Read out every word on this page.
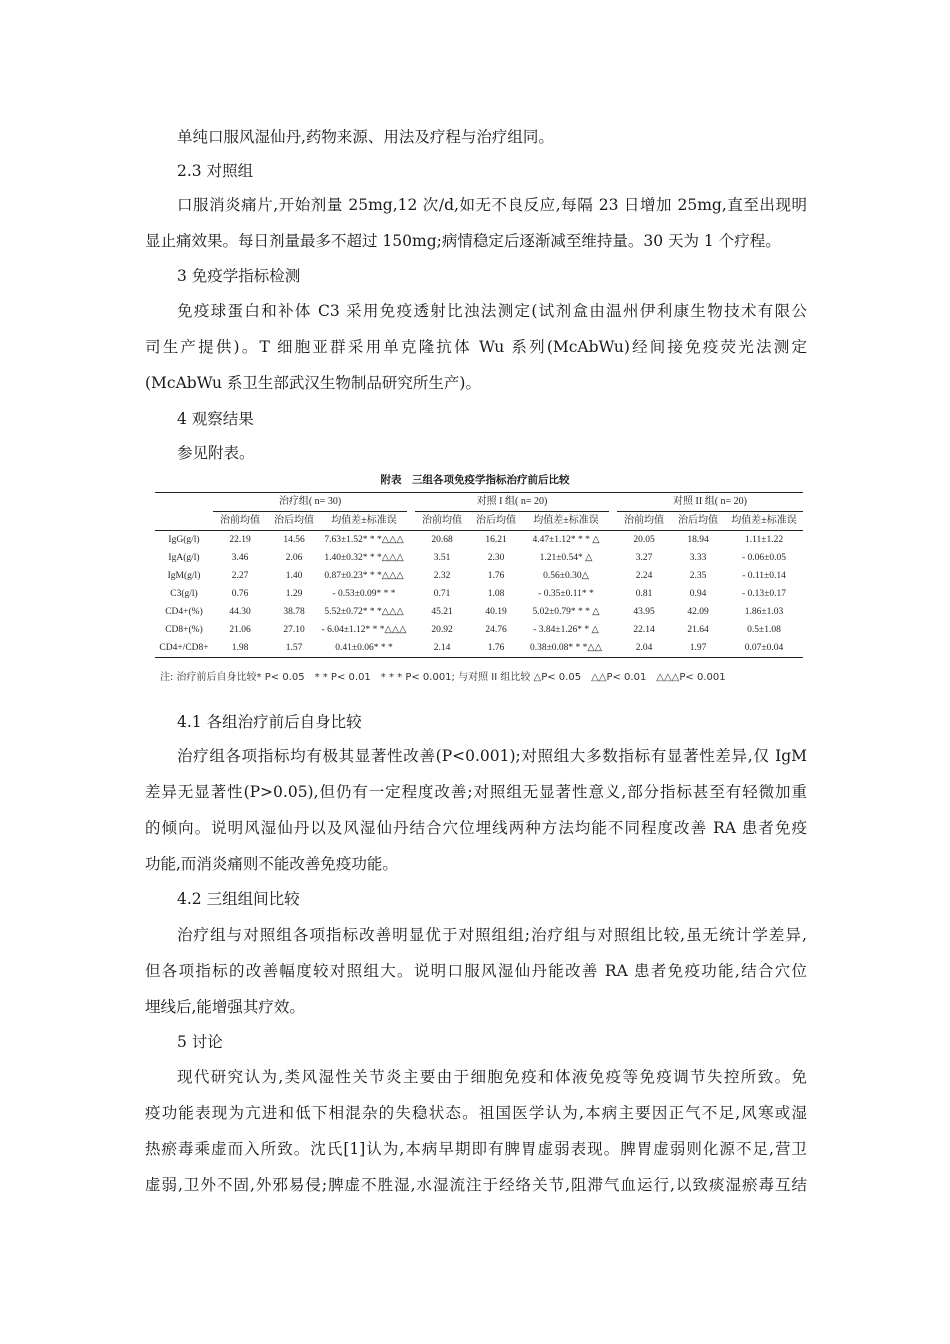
单纯口服风湿仙丹,药物来源、用法及疗程与治疗组同。
2.3 对照组
口服消炎痛片,开始剂量 25mg,12 次/d,如无不良反应,每隔 23 日增加 25mg,直至出现明
显止痛效果。每日剂量最多不超过 150mg;病情稳定后逐渐减至维持量。30 天为 1 个疗程。
3 免疫学指标检测
免疫球蛋白和补体 C3 采用免疫透射比浊法测定(试剂盒由温州伊利康生物技术有限公
司生产提供)。T 细胞亚群采用单克隆抗体 Wu 系列(McAbWu)经间接免疫荧光法测定
(McAbWu 系卫生部武汉生物制品研究所生产)。
4 观察结果
参见附表。
附表　三组各项免疫学指标治疗前后比较
	治疗组( n= 30)				对照 I 组( n= 20)				对照 II 组( n= 20)		
	治前均值	治后均值	均值差±标准误		治前均值	治后均值	均值差±标准误		治前均值	治后均值	均值差±标准误
IgG(g/l)	22.19	14.56	7.63±1.52* * *△△△		20.68	16.21	4.47±1.12* * * △		20.05	18.94	1.11±1.22
IgA(g/l)	3.46	2.06	1.40±0.32* * *△△△		3.51	2.30	1.21±0.54* △		3.27	3.33	- 0.06±0.05
IgM(g/l)	2.27	1.40	0.87±0.23* * *△△△		2.32	1.76	0.56±0.30△		2.24	2.35	- 0.11±0.14
C3(g/l)	0.76	1.29	- 0.53±0.09* * *		0.71	1.08	- 0.35±0.11* *		0.81	0.94	- 0.13±0.17
CD4+(%)	44.30	38.78	5.52±0.72* * *△△△		45.21	40.19	5.02±0.79* * * △		43.95	42.09	1.86±1.03
CD8+(%)	21.06	27.10	- 6.04±1.12* * *△△△		20.92	24.76	- 3.84±1.26* * △		22.14	21.64	0.5±1.08
CD4+/CD8+	1.98	1.57	0.41±0.06* * *		2.14	1.76	0.38±0.08* * *△△		2.04	1.97	0.07±0.04
注: 治疗前后自身比较* P< 0.05　* * P< 0.01　* * * P< 0.001; 与对照 II 组比较 △P< 0.05　△△P< 0.01　△△△P< 0.001
4.1 各组治疗前后自身比较
治疗组各项指标均有极其显著性改善(P<0.001);对照组大多数指标有显著性差异,仅 IgM
差异无显著性(P>0.05),但仍有一定程度改善;对照组无显著性意义,部分指标甚至有轻微加重
的倾向。说明风湿仙丹以及风湿仙丹结合穴位埋线两种方法均能不同程度改善 RA 患者免疫
功能,而消炎痛则不能改善免疫功能。
4.2 三组组间比较
治疗组与对照组各项指标改善明显优于对照组组;治疗组与对照组比较,虽无统计学差异,
但各项指标的改善幅度较对照组大。说明口服风湿仙丹能改善 RA 患者免疫功能,结合穴位
埋线后,能增强其疗效。
5 讨论
现代研究认为,类风湿性关节炎主要由于细胞免疫和体液免疫等免疫调节失控所致。免
疫功能表现为亢进和低下相混杂的失稳状态。祖国医学认为,本病主要因正气不足,风寒或湿
热瘀毒乘虚而入所致。沈氏[1]认为,本病早期即有脾胃虚弱表现。脾胃虚弱则化源不足,营卫
虚弱,卫外不固,外邪易侵;脾虚不胜湿,水湿流注于经络关节,阻滞气血运行,以致痰湿瘀毒互结
